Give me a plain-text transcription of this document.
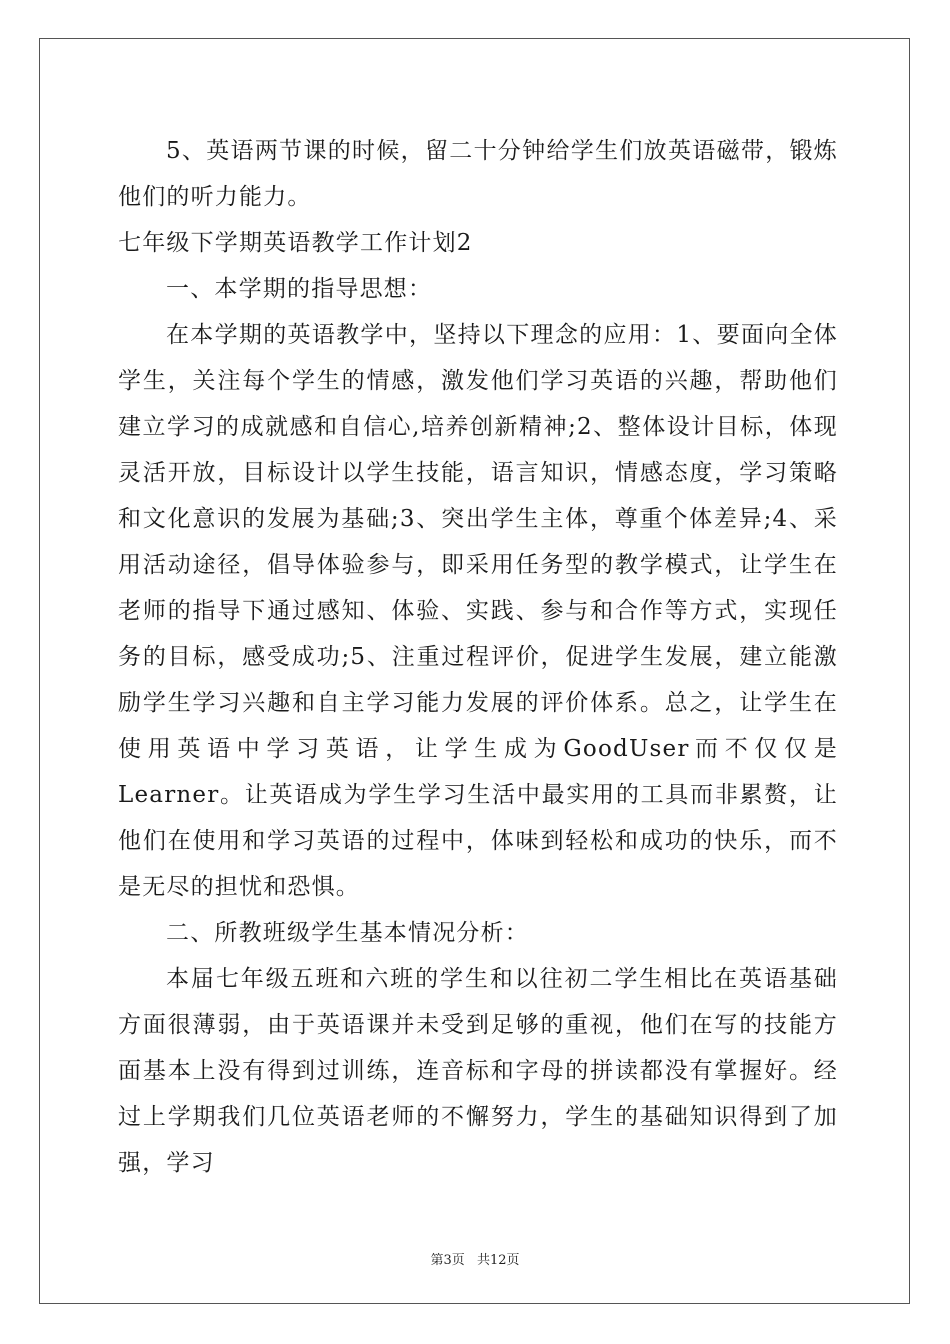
5、英语两节课的时候，留二十分钟给学生们放英语磁带，锻炼他们的听力能力。

七年级下学期英语教学工作计划2

一、本学期的指导思想：

在本学期的英语教学中，坚持以下理念的应用：1、要面向全体学生，关注每个学生的情感，激发他们学习英语的兴趣，帮助他们建立学习的成就感和自信心,培养创新精神;2、整体设计目标，体现灵活开放，目标设计以学生技能，语言知识，情感态度，学习策略和文化意识的发展为基础;3、突出学生主体，尊重个体差异;4、采用活动途径，倡导体验参与，即采用任务型的教学模式，让学生在老师的指导下通过感知、体验、实践、参与和合作等方式，实现任务的目标，感受成功;5、注重过程评价，促进学生发展，建立能激励学生学习兴趣和自主学习能力发展的评价体系。总之，让学生在使用英语中学习英语，让学生成为GoodUser而不仅仅是Learner。让英语成为学生学习生活中最实用的工具而非累赘，让他们在使用和学习英语的过程中，体味到轻松和成功的快乐，而不是无尽的担忧和恐惧。

二、所教班级学生基本情况分析：

本届七年级五班和六班的学生和以往初二学生相比在英语基础方面很薄弱，由于英语课并未受到足够的重视，他们在写的技能方面基本上没有得到过训练，连音标和字母的拼读都没有掌握好。经过上学期我们几位英语老师的不懈努力，学生的基础知识得到了加强，学习

第3页 共12页
